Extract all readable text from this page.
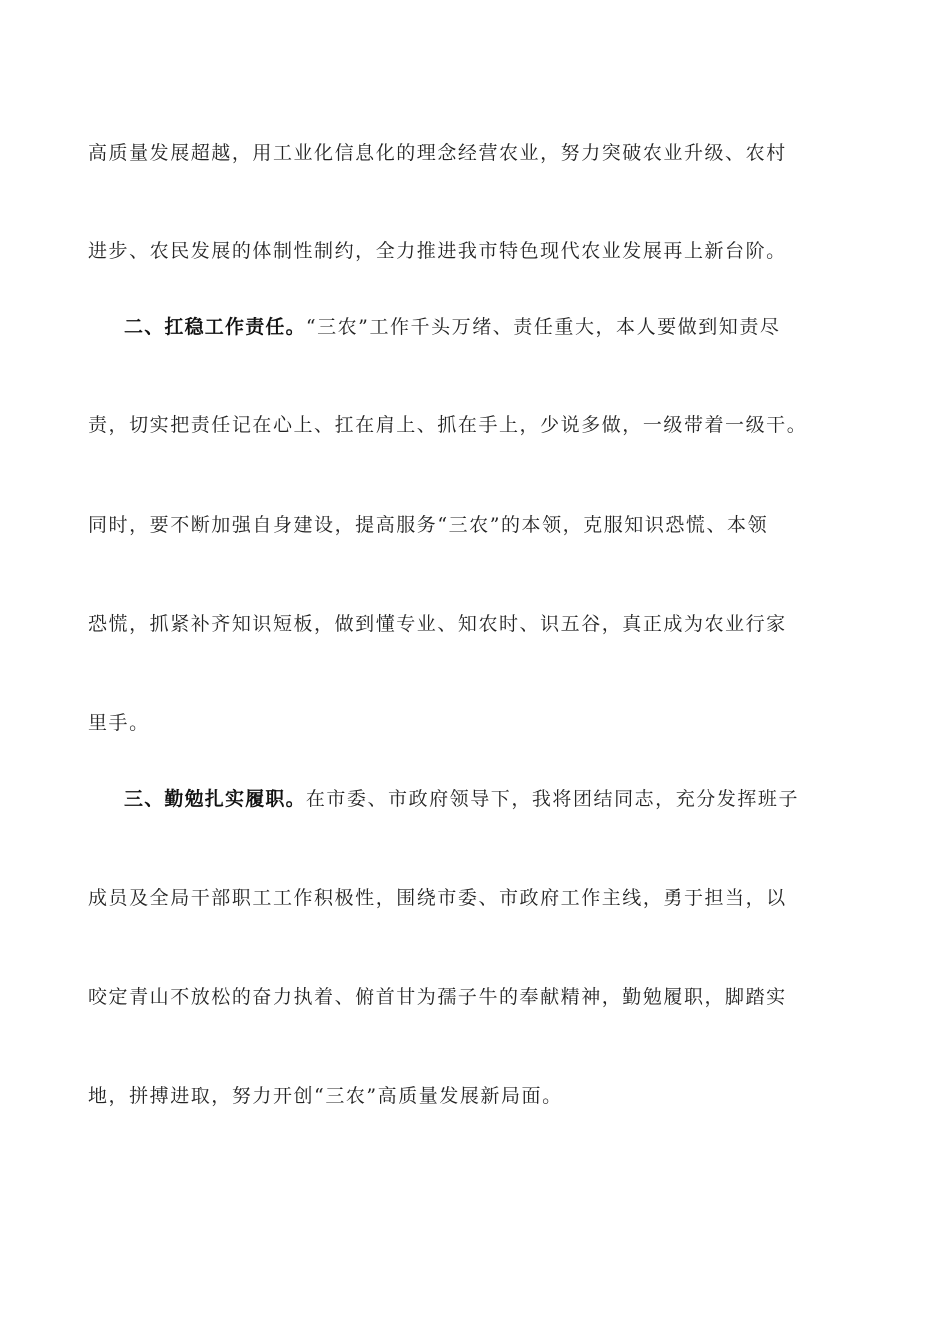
高质量发展超越，用工业化信息化的理念经营农业，努力突破农业升级、农村

进步、农民发展的体制性制约，全力推进我市特色现代农业发展再上新台阶。

二、扛稳工作责任。“三农”工作千头万绪、责任重大，本人要做到知责尽

责，切实把责任记在心上、扛在肩上、抓在手上，少说多做，一级带着一级干。

同时，要不断加强自身建设，提高服务“三农”的本领，克服知识恐慌、本领

恐慌，抓紧补齐知识短板，做到懂专业、知农时、识五谷，真正成为农业行家

里手。

三、勤勉扎实履职。在市委、市政府领导下，我将团结同志，充分发挥班子

成员及全局干部职工工作积极性，围绕市委、市政府工作主线，勇于担当，以

咬定青山不放松的奋力执着、俯首甘为孺子牛的奉献精神，勤勉履职，脚踏实

地，拼搏进取，努力开创“三农”高质量发展新局面。
